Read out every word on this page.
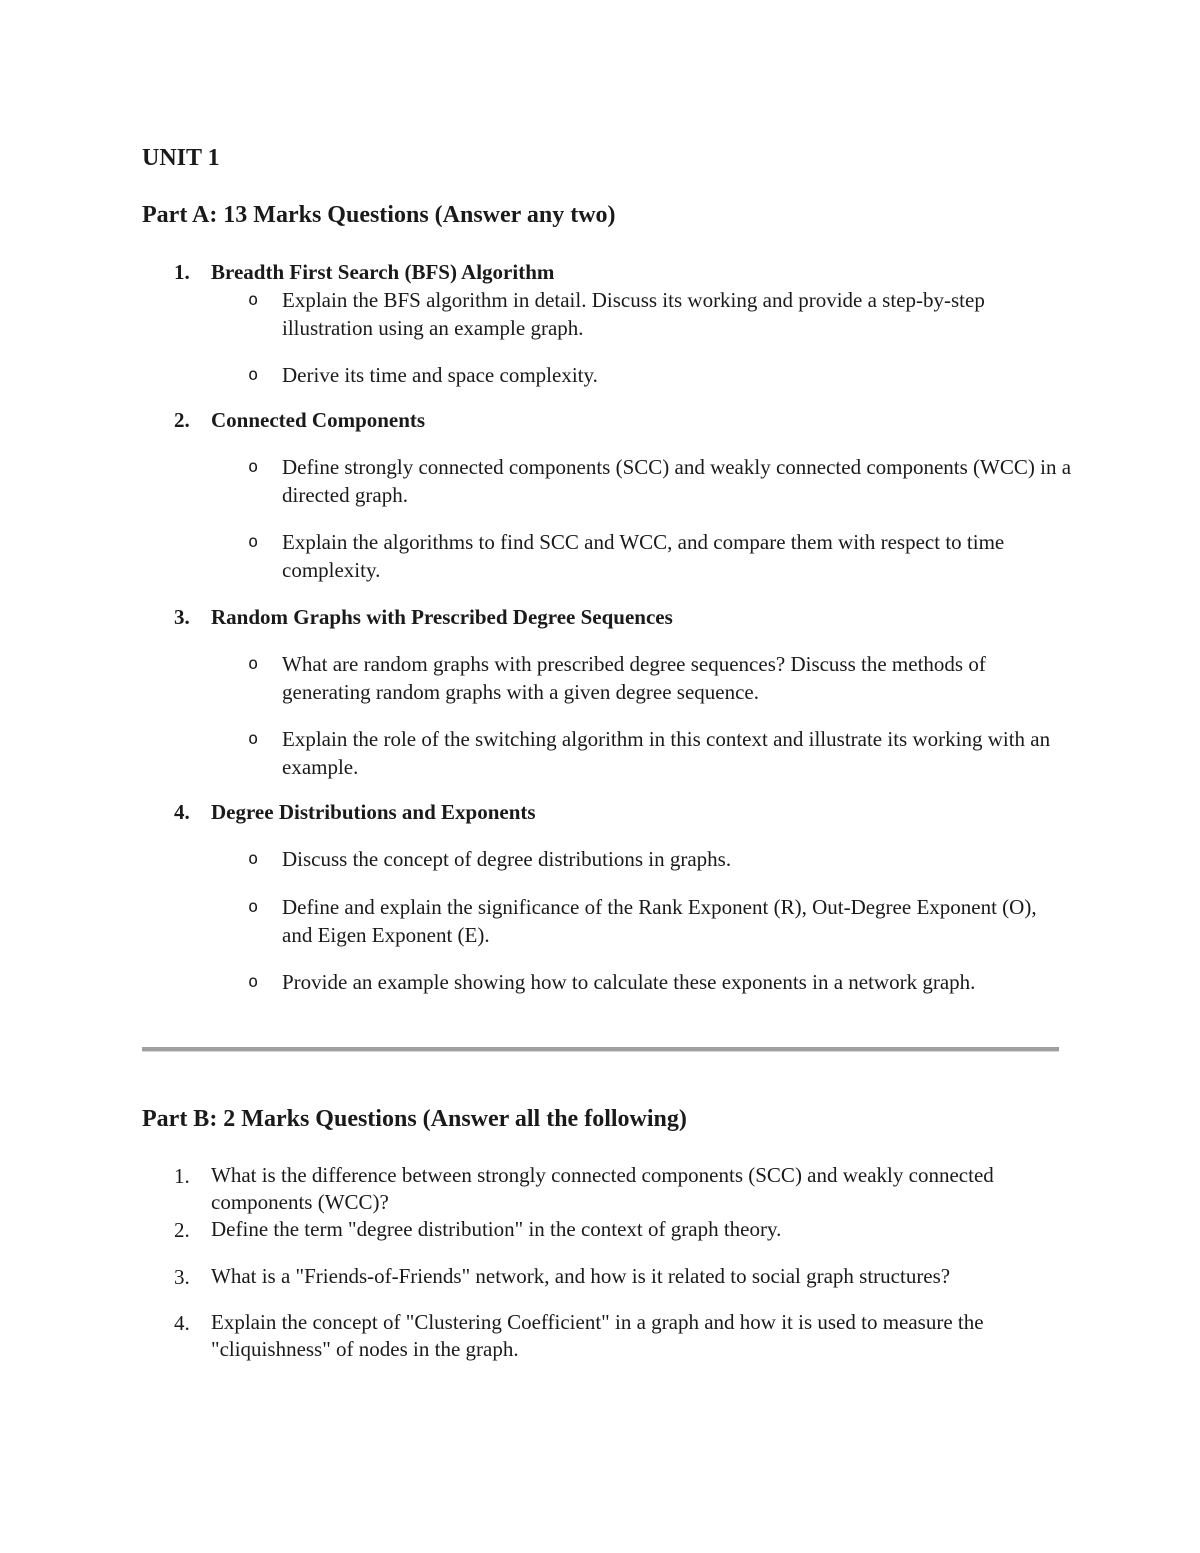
UNIT 1
Part A: 13 Marks Questions (Answer any two)
1. Breadth First Search (BFS) Algorithm
o Explain the BFS algorithm in detail. Discuss its working and provide a step-by-step illustration using an example graph.

o Derive its time and space complexity.

2. Connected Components
o Define strongly connected components (SCC) and weakly connected components (WCC) in a directed graph.

o Explain the algorithms to find SCC and WCC, and compare them with respect to time complexity.

3. Random Graphs with Prescribed Degree Sequences
o What are random graphs with prescribed degree sequences? Discuss the methods of generating random graphs with a given degree sequence.

o Explain the role of the switching algorithm in this context and illustrate its working with an example.

4. Degree Distributions and Exponents
o Discuss the concept of degree distributions in graphs.

o Define and explain the significance of the Rank Exponent (R), Out-Degree Exponent (O), and Eigen Exponent (E).

o Provide an example showing how to calculate these exponents in a network graph.

Part B: 2 Marks Questions (Answer all the following)
1. What is the difference between strongly connected components (SCC) and weakly connected components (WCC)?

2. Define the term "degree distribution" in the context of graph theory.

3. What is a "Friends-of-Friends" network, and how is it related to social graph structures?

4. Explain the concept of "Clustering Coefficient" in a graph and how it is used to measure the "cliquishness" of nodes in the graph.
